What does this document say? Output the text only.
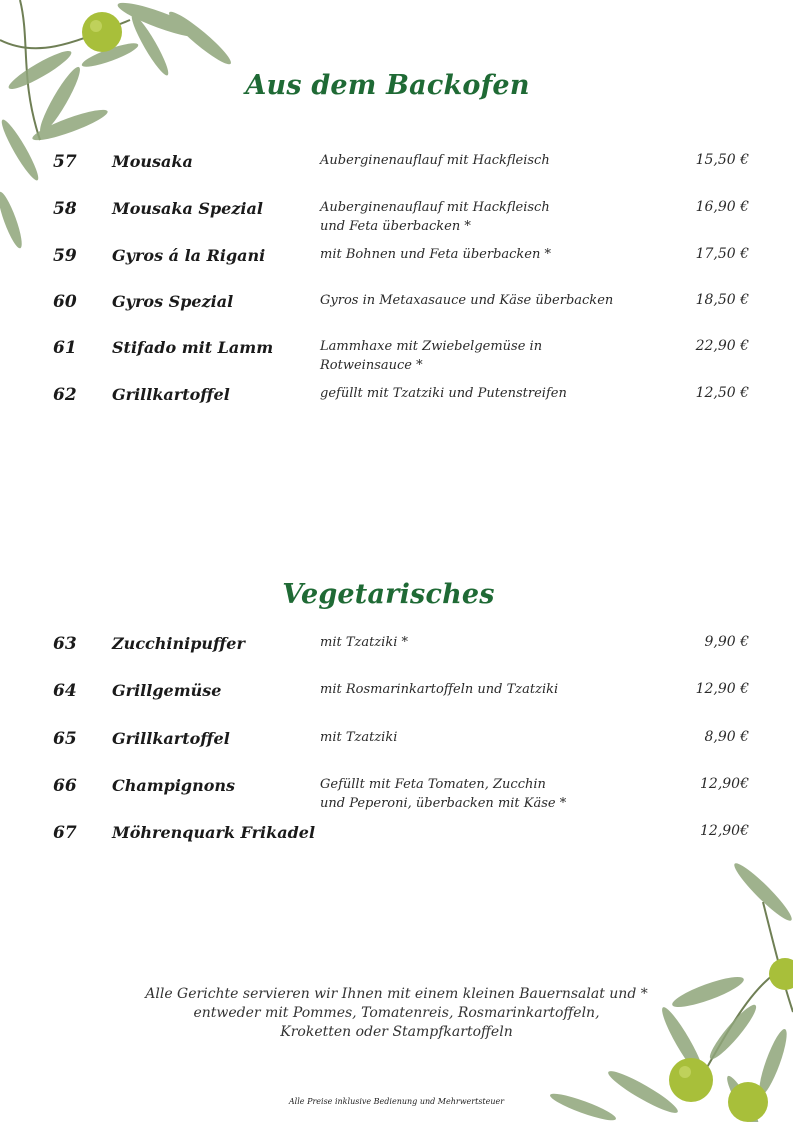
Aus dem Backofen
57 Mousaka	Auberginenauflauf mit Hackfleisch	15,50 €
58 Mousaka Spezial	Auberginenauflauf mit Hackfleisch
und Feta überbacken *
16,90 €
59 Gyros á la Rigani	mit Bohnen und Feta überbacken *	17,50 €
60 Gyros Spezial	Gyros in Metaxasauce und Käse überbacken	18,50 €
61 Stifado mit Lamm	Lammhaxe mit Zwiebelgemüse in
Rotweinsauce *
22,90 €
62 Grillkartoffel	gefüllt mit Tzatziki und Putenstreifen	12,50 €
Vegetarisches
63 Zucchinipuffer	mit Tzatziki *	9,90 €
64 Grillgemüse	mit Rosmarinkartoffeln und Tzatziki	12,90 €
65 Grillkartoffel	mit Tzatziki	8,90 €
66 Champignons	Gefüllt mit Feta Tomaten, Zucchin
und Peperoni, überbacken mit Käse *
12,90€
67 Möhrenquark Frikadel	12,90€
Alle Gerichte servieren wir Ihnen mit einem kleinen Bauernsalat und *
entweder mit Pommes, Tomatenreis, Rosmarinkartoffeln,
Kroketten oder Stampfkartoffeln
Alle Preise inklusive Bedienung und Mehrwertsteuer
